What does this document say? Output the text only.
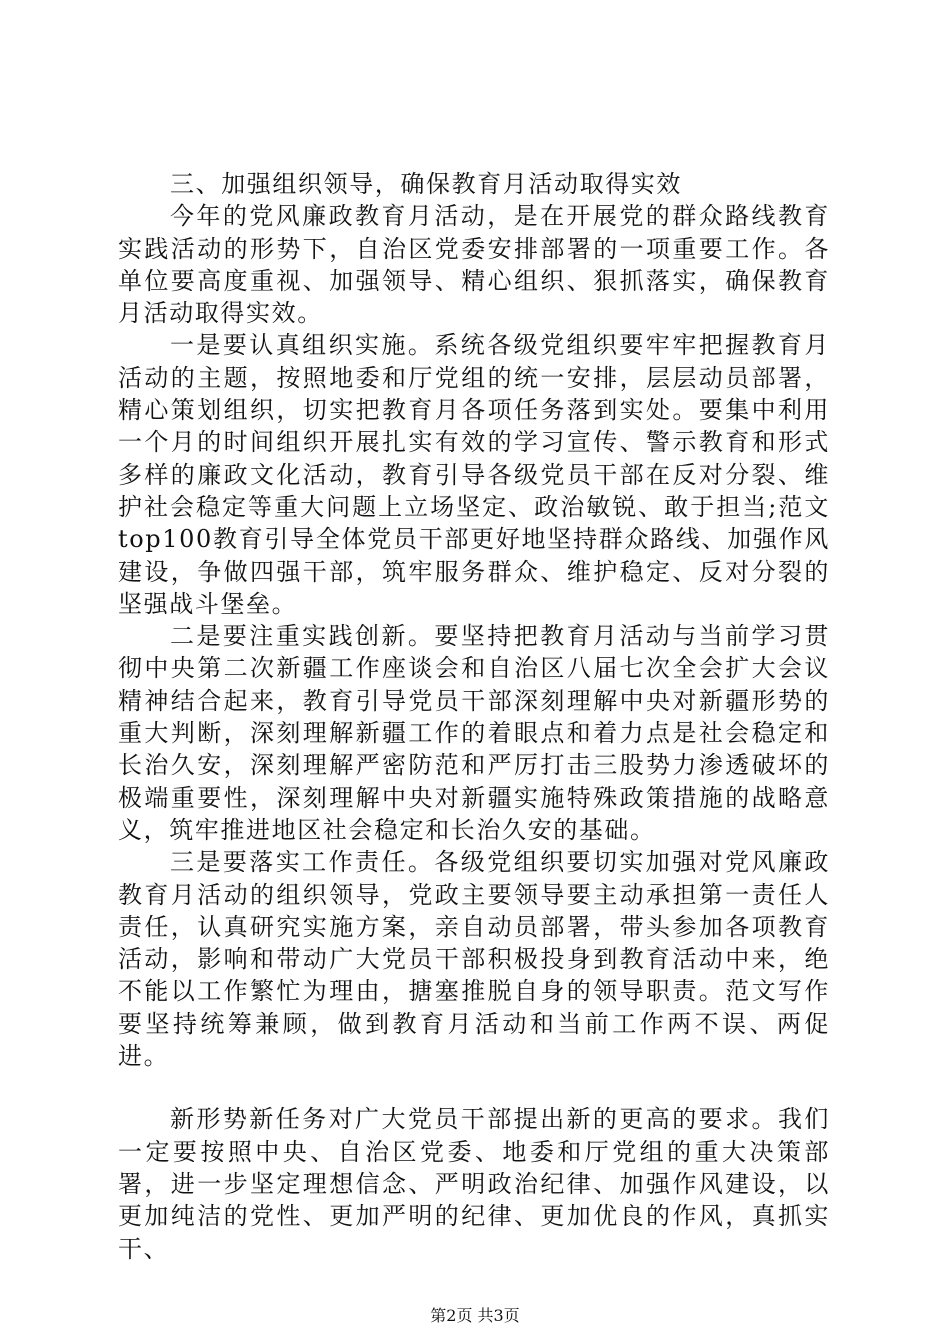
三、加强组织领导，确保教育月活动取得实效

今年的党风廉政教育月活动，是在开展党的群众路线教育实践活动的形势下，自治区党委安排部署的一项重要工作。各单位要高度重视、加强领导、精心组织、狠抓落实，确保教育月活动取得实效。

一是要认真组织实施。系统各级党组织要牢牢把握教育月活动的主题，按照地委和厅党组的统一安排，层层动员部署，精心策划组织，切实把教育月各项任务落到实处。要集中利用一个月的时间组织开展扎实有效的学习宣传、警示教育和形式多样的廉政文化活动，教育引导各级党员干部在反对分裂、维护社会稳定等重大问题上立场坚定、政治敏锐、敢于担当;范文top100教育引导全体党员干部更好地坚持群众路线、加强作风建设，争做四强干部，筑牢服务群众、维护稳定、反对分裂的坚强战斗堡垒。

二是要注重实践创新。要坚持把教育月活动与当前学习贯彻中央第二次新疆工作座谈会和自治区八届七次全会扩大会议精神结合起来，教育引导党员干部深刻理解中央对新疆形势的重大判断，深刻理解新疆工作的着眼点和着力点是社会稳定和长治久安，深刻理解严密防范和严厉打击三股势力渗透破坏的极端重要性，深刻理解中央对新疆实施特殊政策措施的战略意义，筑牢推进地区社会稳定和长治久安的基础。

三是要落实工作责任。各级党组织要切实加强对党风廉政教育月活动的组织领导，党政主要领导要主动承担第一责任人责任，认真研究实施方案，亲自动员部署，带头参加各项教育活动，影响和带动广大党员干部积极投身到教育活动中来，绝不能以工作繁忙为理由，搪塞推脱自身的领导职责。范文写作要坚持统筹兼顾，做到教育月活动和当前工作两不误、两促进。

新形势新任务对广大党员干部提出新的更高的要求。我们一定要按照中央、自治区党委、地委和厅党组的重大决策部署，进一步坚定理想信念、严明政治纪律、加强作风建设，以更加纯洁的党性、更加严明的纪律、更加优良的作风，真抓实干、

第2页 共3页
